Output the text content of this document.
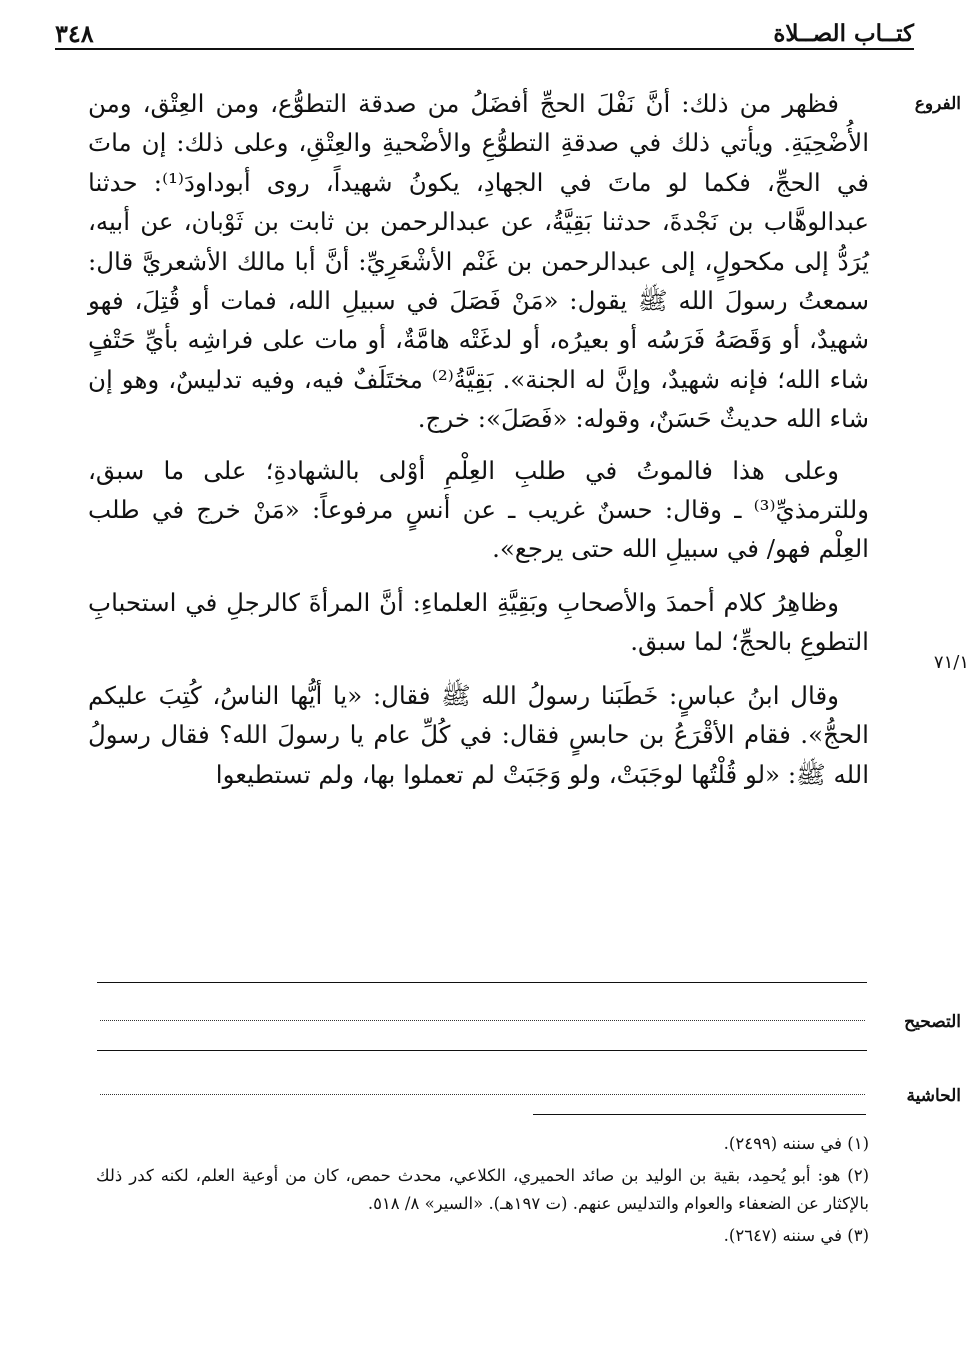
٣٤٨	كتــاب الصــلاة
الفروع
٧١/١
التصحيح
الحاشية

فظهر من ذلك: أنَّ نَفْلَ الحجِّ أفضَلُ من صدقة التطوُّع، ومن العِتْق، ومن الأُضْحِيَةِ. ويأتي ذلك في صدقةِ التطوُّعِ والأضْحيةِ والعِتْقِ، وعلى ذلك: إن ماتَ في الحجِّ، فكما لو ماتَ في الجهادِ، يكونُ شهيداً، روى أبوداودَ⁽¹⁾: حدثنا عبدالوهَّاب بن نَجْدةَ، حدثنا بَقِيَّةُ، عن عبدالرحمن بن ثابت بن ثَوْبان، عن أبيه، يُرَدُّ إلى مكحولٍ، إلى عبدالرحمن بن غَنْم الأشْعَرِيِّ: أنَّ أبا مالك الأشعريَّ قال: سمعتُ رسولَ الله ﷺ يقول: «مَنْ فَصَلَ في سبيلِ الله، فمات أو قُتِلَ، فهو شهيدٌ، أو وَقَصَهُ فَرَسُه أو بعيرُه، أو لدغَتْه هامَّةٌ، أو مات على فراشِه بأيِّ حَتْفٍ شاء الله؛ فإنه شهيدٌ، وإنَّ له الجنة». بَقِيَّةُ⁽²⁾ مختَلَفٌ فيه، وفيه تدليسٌ، وهو إن شاء الله حديثٌ حَسَنٌ، وقوله: «فَصَلَ»: خرج.

وعلى هذا فالموتُ في طلبِ العِلْمِ أوْلى بالشهادةِ؛ على ما سبق، وللترمذيِّ⁽³⁾ ـ وقال: حسنٌ غريب ـ عن أنسٍ مرفوعاً: «مَنْ خرج في طلب العِلْم فهو/ في سبيلِ الله حتى يرجع».

وظاهِرُ كلام أحمدَ والأصحابِ وبَقِيَّةِ العلماءِ: أنَّ المرأةَ كالرجلِ في استحبابِ التطوعِ بالحجِّ؛ لما سبق.

وقال ابنُ عباسٍ: خَطَبَنا رسولُ الله ﷺ فقال: «يا أيُّها الناسُ، كُتِبَ عليكم الحجُّ». فقام الأقْرَعُ بن حابسٍ فقال: في كُلِّ عام يا رسولَ الله؟ فقال رسولُ الله ﷺ: «لو قُلْتُها لوجَبَتْ، ولو وَجَبَتْ لم تعملوا بها، ولم تستطيعوا

(١) في سننه (٢٤٩٩).

(٢) هو: أبو يُحمِد، بقية بن الوليد بن صائد الحميري، الكلاعي، محدث حمص، كان من أوعية العلم، لكنه كدر ذلك بالإكثار عن الضعفاء والعوام والتدليس عنهم. (ت ١٩٧هـ). «السير» ٨/ ٥١٨.

(٣) في سننه (٢٦٤٧).
